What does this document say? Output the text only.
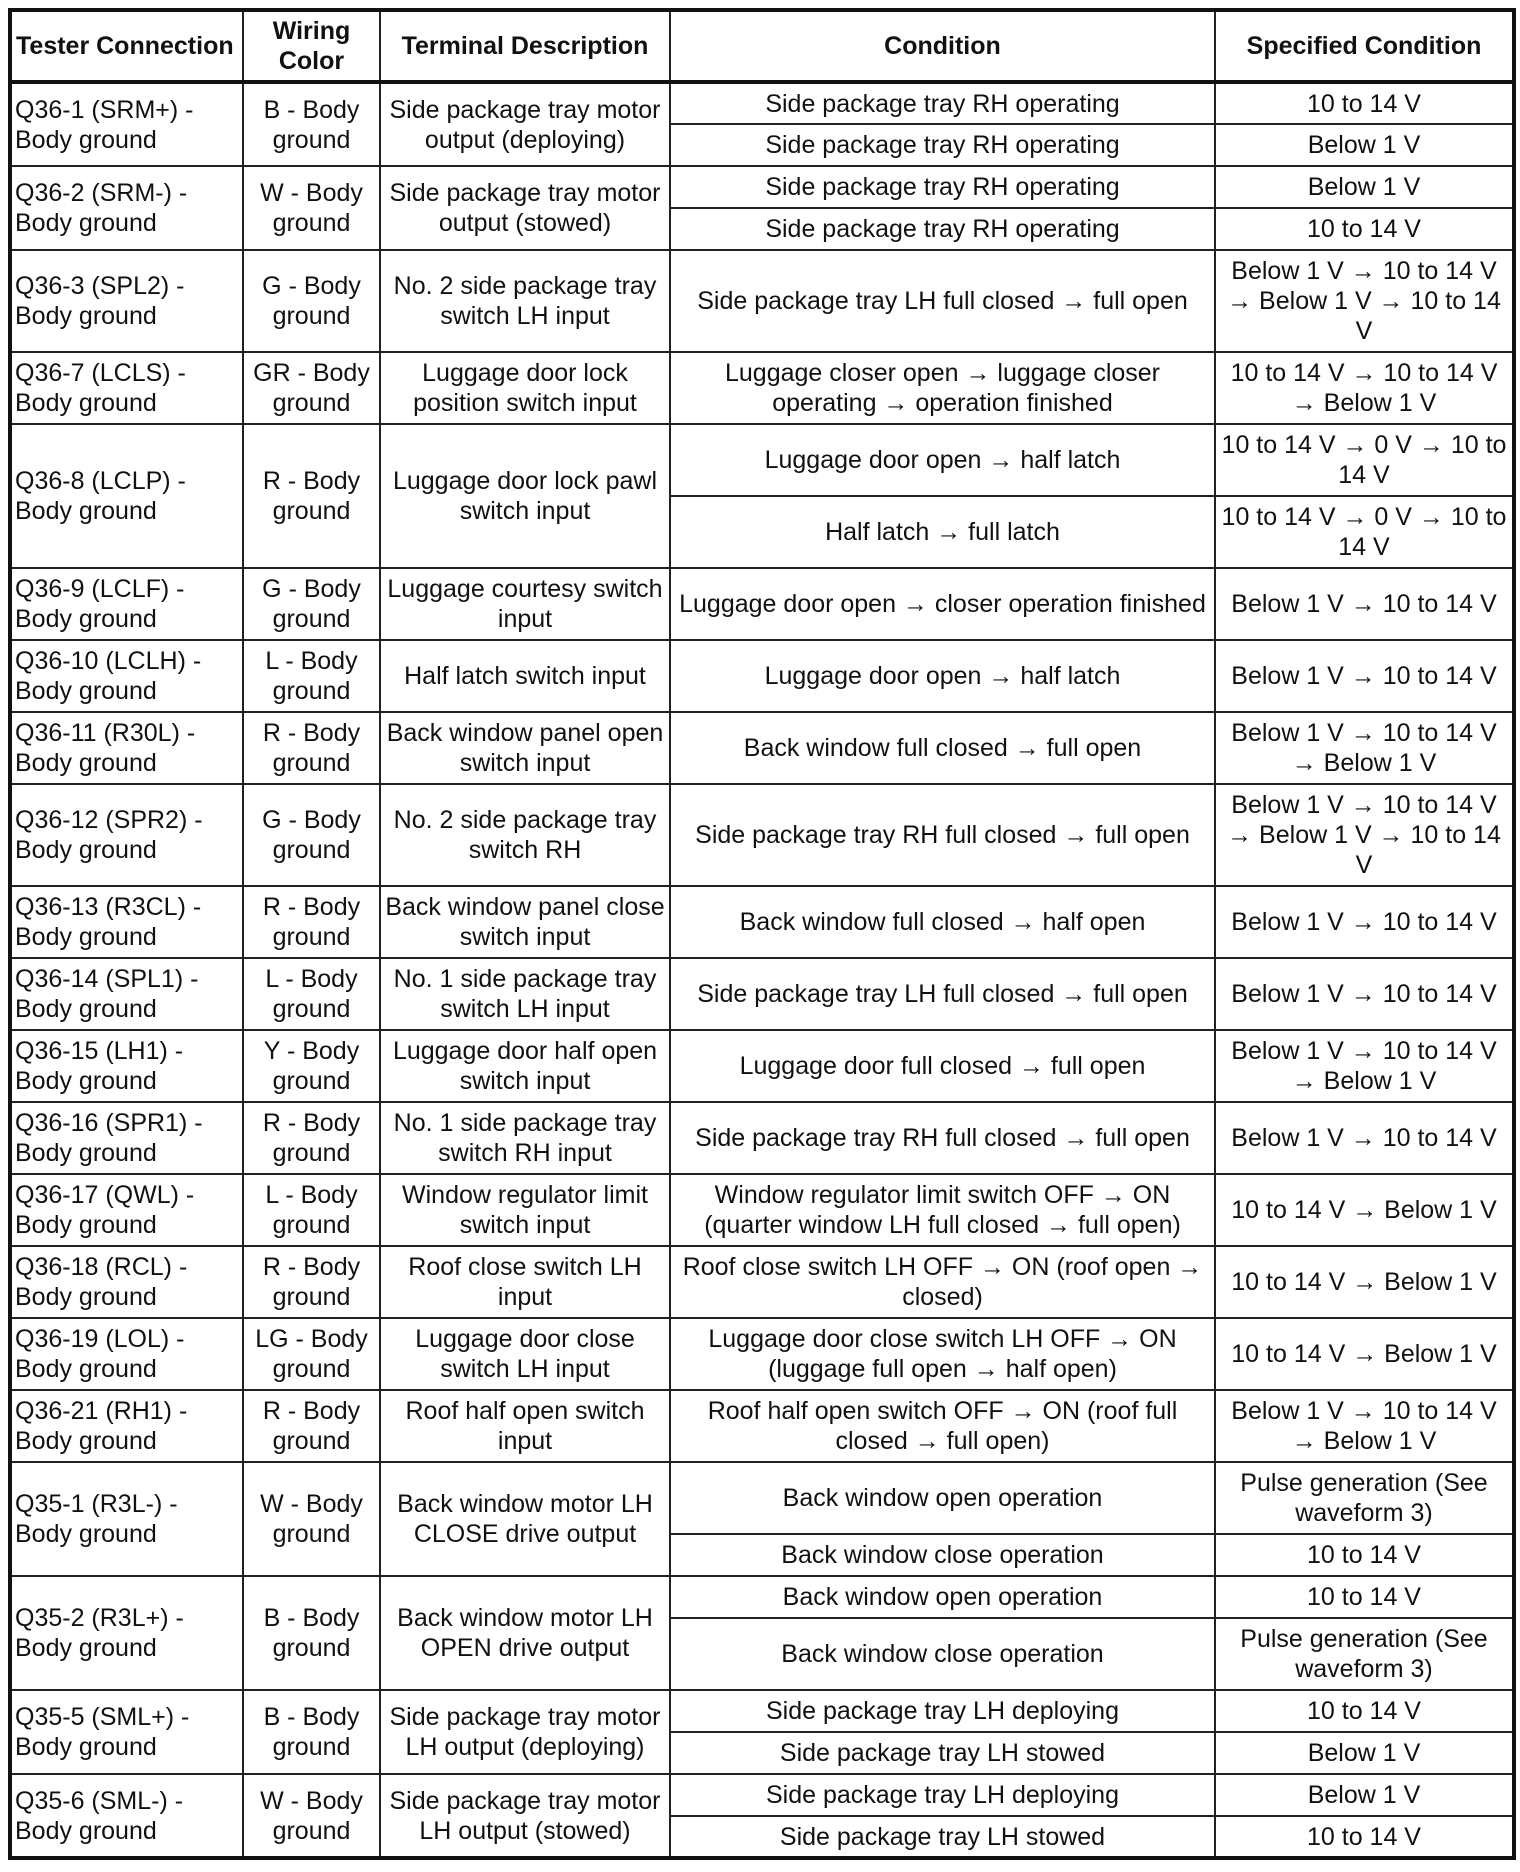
Tester Connection	Wiring Color	Terminal Description	Condition	Specified Condition
Q36-1 (SRM+) - Body ground	B - Body ground	Side package tray motor output (deploying)	Side package tray RH operating	10 to 14 V
			Side package tray RH operating	Below 1 V
Q36-2 (SRM-) - Body ground	W - Body ground	Side package tray motor output (stowed)	Side package tray RH operating	Below 1 V
			Side package tray RH operating	10 to 14 V
Q36-3 (SPL2) - Body ground	G - Body ground	No. 2 side package tray switch LH input	Side package tray LH full closed → full open	Below 1 V → 10 to 14 V → Below 1 V → 10 to 14 V
Q36-7 (LCLS) - Body ground	GR - Body ground	Luggage door lock position switch input	Luggage closer open → luggage closer operating → operation finished	10 to 14 V → 10 to 14 V → Below 1 V
Q36-8 (LCLP) - Body ground	R - Body ground	Luggage door lock pawl switch input	Luggage door open → half latch	10 to 14 V → 0 V → 10 to 14 V
			Half latch → full latch	10 to 14 V → 0 V → 10 to 14 V
Q36-9 (LCLF) - Body ground	G - Body ground	Luggage courtesy switch input	Luggage door open → closer operation finished	Below 1 V → 10 to 14 V
Q36-10 (LCLH) - Body ground	L - Body ground	Half latch switch input	Luggage door open → half latch	Below 1 V → 10 to 14 V
Q36-11 (R30L) - Body ground	R - Body ground	Back window panel open switch input	Back window full closed → full open	Below 1 V → 10 to 14 V → Below 1 V
Q36-12 (SPR2) - Body ground	G - Body ground	No. 2 side package tray switch RH	Side package tray RH full closed → full open	Below 1 V → 10 to 14 V → Below 1 V → 10 to 14 V
Q36-13 (R3CL) - Body ground	R - Body ground	Back window panel close switch input	Back window full closed → half open	Below 1 V → 10 to 14 V
Q36-14 (SPL1) - Body ground	L - Body ground	No. 1 side package tray switch LH input	Side package tray LH full closed → full open	Below 1 V → 10 to 14 V
Q36-15 (LH1) - Body ground	Y - Body ground	Luggage door half open switch input	Luggage door full closed → full open	Below 1 V → 10 to 14 V → Below 1 V
Q36-16 (SPR1) - Body ground	R - Body ground	No. 1 side package tray switch RH input	Side package tray RH full closed → full open	Below 1 V → 10 to 14 V
Q36-17 (QWL) - Body ground	L - Body ground	Window regulator limit switch input	Window regulator limit switch OFF → ON (quarter window LH full closed → full open)	10 to 14 V → Below 1 V
Q36-18 (RCL) - Body ground	R - Body ground	Roof close switch LH input	Roof close switch LH OFF → ON (roof open → closed)	10 to 14 V → Below 1 V
Q36-19 (LOL) - Body ground	LG - Body ground	Luggage door close switch LH input	Luggage door close switch LH OFF → ON (luggage full open → half open)	10 to 14 V → Below 1 V
Q36-21 (RH1) - Body ground	R - Body ground	Roof half open switch input	Roof half open switch OFF → ON (roof full closed → full open)	Below 1 V → 10 to 14 V → Below 1 V
Q35-1 (R3L-) - Body ground	W - Body ground	Back window motor LH CLOSE drive output	Back window open operation	Pulse generation (See waveform 3)
			Back window close operation	10 to 14 V
Q35-2 (R3L+) - Body ground	B - Body ground	Back window motor LH OPEN drive output	Back window open operation	10 to 14 V
			Back window close operation	Pulse generation (See waveform 3)
Q35-5 (SML+) - Body ground	B - Body ground	Side package tray motor LH output (deploying)	Side package tray LH deploying	10 to 14 V
			Side package tray LH stowed	Below 1 V
Q35-6 (SML-) - Body ground	W - Body ground	Side package tray motor LH output (stowed)	Side package tray LH deploying	Below 1 V
			Side package tray LH stowed	10 to 14 V
